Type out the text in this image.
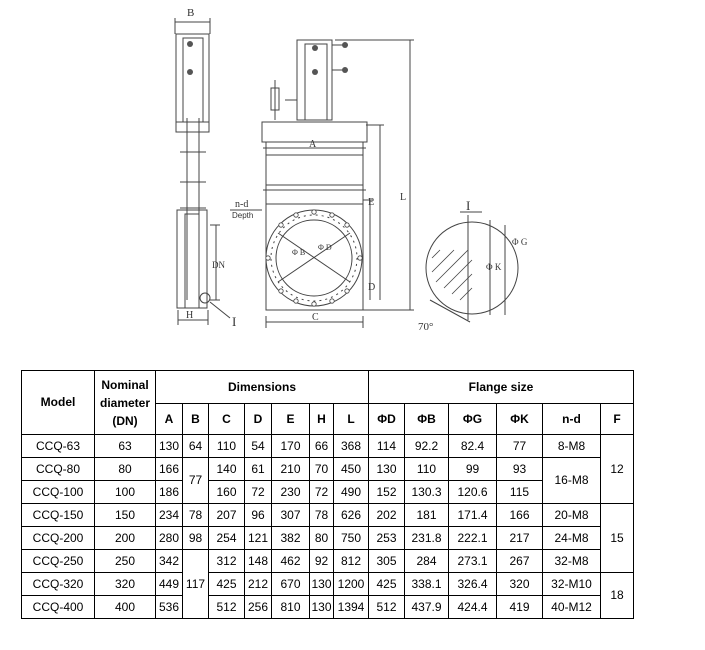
B
A
E	L
D
C
H
DN
n-d
Depth
Φ B
Φ D
Φ G
Φ K
I
I
70°
Model	Nominal
diameter
(DN)	Dimensions							Flange size					
		A	B	C	D	E	H	L	ΦD	ΦB	ΦG	ΦK	n-d	F
CCQ-63	63	130	64	110	54	170	66	368	114	92.2	82.4	77	8-M8	12
CCQ-80	80	166	77	140	61	210	70	450	130	110	99	93	16-M8	
CCQ-100	100	186		160	72	230	72	490	152	130.3	120.6	115		
CCQ-150	150	234	78	207	96	307	78	626	202	181	171.4	166	20-M8	15
CCQ-200	200	280	98	254	121	382	80	750	253	231.8	222.1	217	24-M8	
CCQ-250	250	342	117	312	148	462	92	812	305	284	273.1	267	32-M8	
CCQ-320	320	449		425	212	670	130	1200	425	338.1	326.4	320	32-M10	18
CCQ-400	400	536		512	256	810	130	1394	512	437.9	424.4	419	40-M12	
